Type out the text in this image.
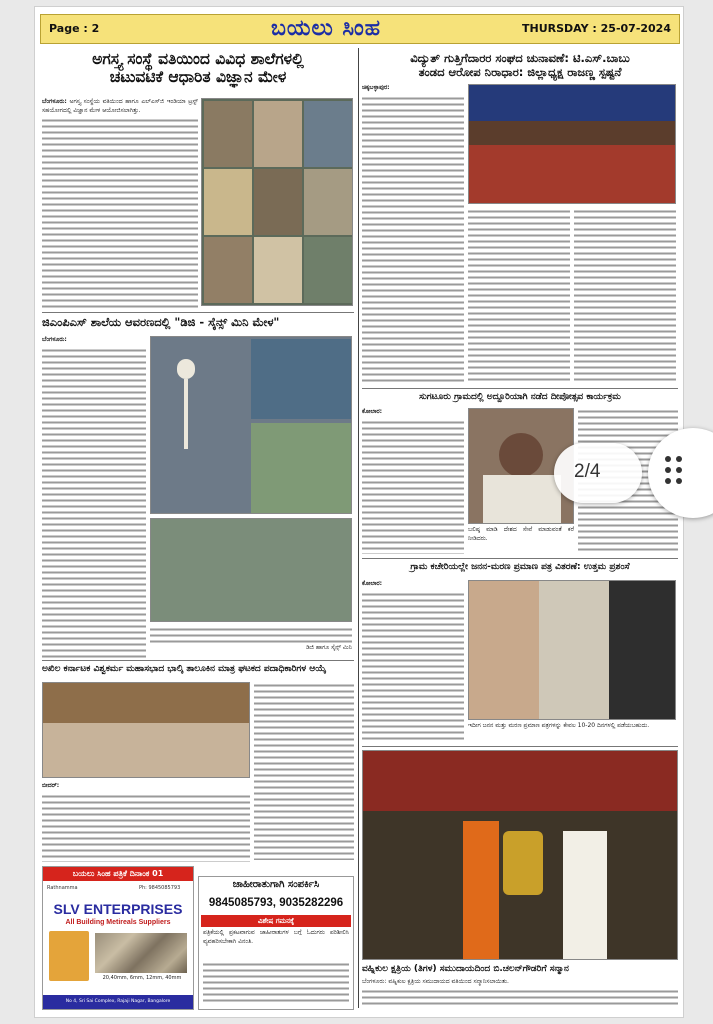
Page : 2	ಬಯಲು ಸಿಂಹ	THURSDAY : 25-07-2024
ಅಗಸ್ತ್ಯ ಸಂಸ್ಥೆ ವತಿಯಿಂದ ವಿವಿಧ ಶಾಲೆಗಳಲ್ಲಿ
ಚಟುವಟಿಕೆ ಆಧಾರಿತ ವಿಜ್ಞಾನ ಮೇಳ
ಬೆಂಗಳೂರು: ಅಗಸ್ತ್ಯ ಸಂಸ್ಥೆಯ ವತಿಯಿಂದ ಹಾಗೂ ಎಲ್‌ಎಸ್‌ಜಿ ಇಂಡಿಯಾ ಟ್ರಸ್ಟ್ ಸಹಯೋಗದಲ್ಲಿ ವಿಜ್ಞಾನ ಮೇಳ ಆಯೋಜಿಸಲಾಗಿತ್ತು.
ಜಿಎಂಪಿಎಸ್ ಶಾಲೆಯ ಆವರಣದಲ್ಲಿ "ಡಿಜಿ - ಸೈನ್ಸ್ ಮಿನಿ ಮೇಳ"
ಬೆಂಗಳೂರು:
ಡಿಜಿ ಹಾಗೂ ಸೈನ್ಸ್ ಮಿನಿ
ಅಖಿಲ ಕರ್ನಾಟಕ ವಿಶ್ವಕರ್ಮ ಮಹಾಸಭಾದ ಭಾಲ್ಕಿ ತಾಲೂಕಿನ ಮಾತ್ರ ಘಟಕದ ಪದಾಧಿಕಾರಿಗಳ ಆಯ್ಕೆ
ಬೀದರ್:
ಬಯಲು ಸಿಂಹ ಪತ್ರಿಕೆ ದಿನಾಂಕ 01
Rathnamma	Ph: 9845085793
SLV ENTERPRISES
All Building Metireals Suppliers
20,40mm, 6mm, 12mm, 40mm
No 4, Sri Sai Complex, Rajaji Nagar, Bangalore
ಜಾಹೀರಾತುಗಾಗಿ ಸಂಪರ್ಕಿಸಿ
9845085793, 9035282296
ವಿಶೇಷ ಗಮನಕ್ಕೆ
ಪತ್ರಿಕೆಯಲ್ಲಿ ಪ್ರಕಟವಾಗುವ ಜಾಹೀರಾತುಗಳ ಬಗ್ಗೆ ಓದುಗರು ಪರಿಶೀಲಿಸಿ ವ್ಯವಹರಿಸಬೇಕಾಗಿ ವಿನಂತಿ.
ವಿದ್ಯುತ್ ಗುತ್ತಿಗೆದಾರರ ಸಂಘದ ಚುನಾವಣೆ: ಟಿ.ಎಸ್.ಬಾಬು
ತಂಡದ ಆರೋಪ ನಿರಾಧಾರ: ಜಿಲ್ಲಾಧ್ಯಕ್ಷ ರಾಜಣ್ಣ ಸ್ಪಷ್ಟನೆ
ಚಿಕ್ಕಬಳ್ಳಾಪುರ:
ಸುಗಟೂರು ಗ್ರಾಮದಲ್ಲಿ ಅದ್ದೂರಿಯಾಗಿ ನಡೆದ ದೀಪೋತ್ಸವ ಕಾರ್ಯಕ್ರಮ
ಕೋಲಾರ:
ಬಲಿಷ್ಠ ಮಾಡಿ ದೇಶದ ಸೇವೆ ಮಾಡುವಂತೆ ಕರೆ ನೀಡಿದರು.
ಗ್ರಾಮ ಕಚೇರಿಯಲ್ಲೇ ಜನನ-ಮರಣ ಪ್ರಮಾಣ ಪತ್ರ ವಿತರಣೆ: ಉತ್ತಮ ಪ್ರಶಂಸೆ
ಕೋಲಾರ:
ಇದೀಗ ಜನನ ಮತ್ತು ಮರಣ ಪ್ರಮಾಣ ಪತ್ರಗಳನ್ನು ಕೇವಲ 10-20 ದಿನಗಳಲ್ಲಿ ಪಡೆಯಬಹುದು.
ವಹ್ನಿಕುಲ ಕ್ಷತ್ರಿಯ (ತಿಗಳ) ಸಮುದಾಯದಿಂದ ಬಿ.ಚಲನ್‌ಗೌಡರಿಗೆ ಸನ್ಮಾನ
ಬೆಂಗಳೂರು: ವಹ್ನಿಕುಲ ಕ್ಷತ್ರಿಯ ಸಮುದಾಯದ ವತಿಯಿಂದ ಸನ್ಮಾನಿಸಲಾಯಿತು.
2/4
